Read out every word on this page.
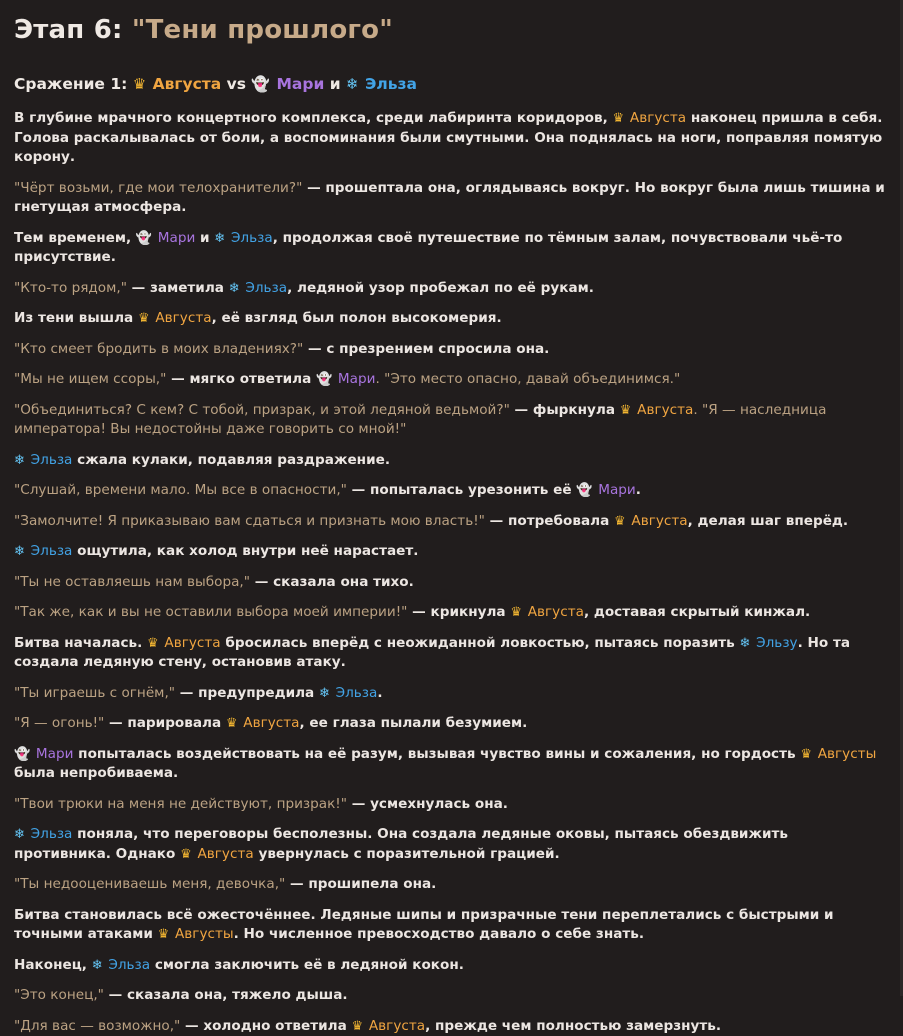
Этап 6: "Тени прошлого"
Сражение 1: ♛ Августа vs 👻 Мари и ❄ Эльза

В глубине мрачного концертного комплекса, среди лабиринта коридоров, ♛ Августа наконец пришла в себя. Голова раскалывалась от боли, а воспоминания были смутными. Она поднялась на ноги, поправляя помятую корону.

"Чёрт возьми, где мои телохранители?" — прошептала она, оглядываясь вокруг. Но вокруг была лишь тишина и гнетущая атмосфера.

Тем временем, 👻 Мари и ❄ Эльза, продолжая своё путешествие по тёмным залам, почувствовали чьё-то присутствие.

"Кто-то рядом," — заметила ❄ Эльза, ледяной узор пробежал по её рукам.

Из тени вышла ♛ Августа, её взгляд был полон высокомерия.

"Кто смеет бродить в моих владениях?" — с презрением спросила она.

"Мы не ищем ссоры," — мягко ответила 👻 Мари. "Это место опасно, давай объединимся."

"Объединиться? С кем? С тобой, призрак, и этой ледяной ведьмой?" — фыркнула ♛ Августа. "Я — наследница императора! Вы недостойны даже говорить со мной!"

❄ Эльза сжала кулаки, подавляя раздражение.

"Слушай, времени мало. Мы все в опасности," — попыталась урезонить её 👻 Мари.

"Замолчите! Я приказываю вам сдаться и признать мою власть!" — потребовала ♛ Августа, делая шаг вперёд.

❄ Эльза ощутила, как холод внутри неё нарастает.

"Ты не оставляешь нам выбора," — сказала она тихо.

"Так же, как и вы не оставили выбора моей империи!" — крикнула ♛ Августа, доставая скрытый кинжал.

Битва началась. ♛ Августа бросилась вперёд с неожиданной ловкостью, пытаясь поразить ❄ Эльзу. Но та создала ледяную стену, остановив атаку.

"Ты играешь с огнём," — предупредила ❄ Эльза.

"Я — огонь!" — парировала ♛ Августа, ее глаза пылали безумием.

👻 Мари попыталась воздействовать на её разум, вызывая чувство вины и сожаления, но гордость ♛ Августы была непробиваема.

"Твои трюки на меня не действуют, призрак!" — усмехнулась она.

❄ Эльза поняла, что переговоры бесполезны. Она создала ледяные оковы, пытаясь обездвижить противника. Однако ♛ Августа увернулась с поразительной грацией.

"Ты недооцениваешь меня, девочка," — прошипела она.

Битва становилась всё ожесточённее. Ледяные шипы и призрачные тени переплетались с быстрыми и точными атаками ♛ Августы. Но численное превосходство давало о себе знать.

Наконец, ❄ Эльза смогла заключить её в ледяной кокон.

"Это конец," — сказала она, тяжело дыша.

"Для вас — возможно," — холодно ответила ♛ Августа, прежде чем полностью замерзнуть.
